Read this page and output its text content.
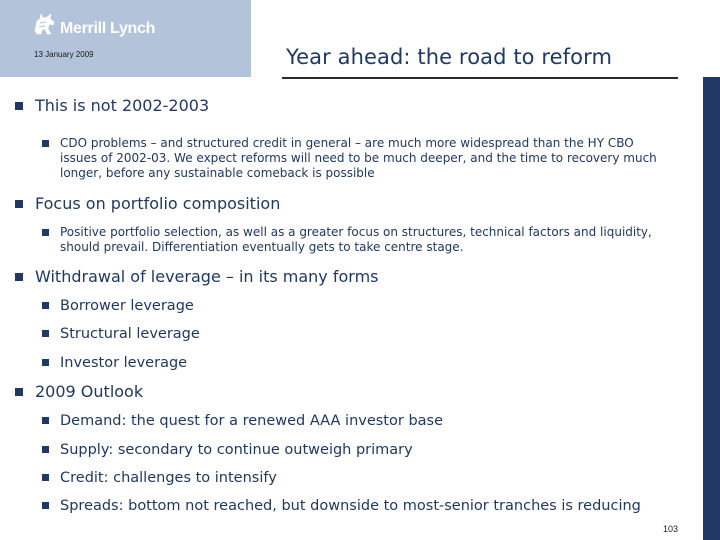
Merrill Lynch
13 January 2009	Year ahead: the road to reform
This is not 2002-2003
CDO problems – and structured credit in general – are much more widespread than the HY CBO issues of 2002-03. We expect reforms will need to be much deeper, and the time to recovery much longer, before any sustainable comeback is possible
Focus on portfolio composition
Positive portfolio selection, as well as a greater focus on structures, technical factors and liquidity, should prevail. Differentiation eventually gets to take centre stage.
Withdrawal of leverage – in its many forms
Borrower leverage
Structural leverage
Investor leverage
2009 Outlook
Demand: the quest for a renewed AAA investor base
Supply: secondary to continue outweigh primary
Credit: challenges to intensify
Spreads: bottom not reached, but downside to most-senior tranches is reducing
103
